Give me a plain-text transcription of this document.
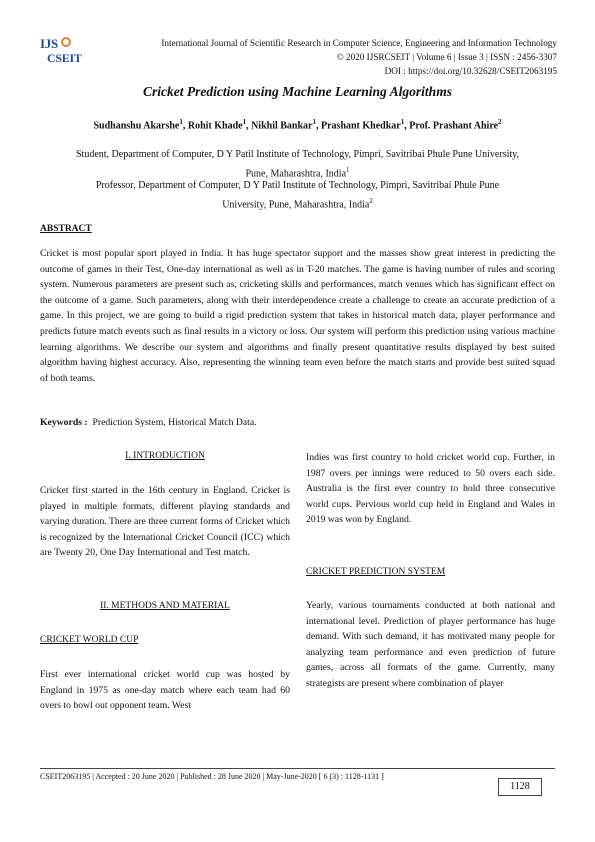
IJS
CSEIT
International Journal of Scientific Research in Computer Science, Engineering and Information Technology
© 2020 IJSRCSEIT | Volume 6 | Issue 3 | ISSN : 2456-3307
DOI : https://doi.org/10.32628/CSEIT2063195
Cricket Prediction using Machine Learning Algorithms
Sudhanshu Akarshe$^1$, Rohit Khade$^1$, Nikhil Bankar$^1$, Prashant Khedkar$^1$, Prof. Prashant Ahire$^2$
Student, Department of Computer, D Y Patil Institute of Technology, Pimpri, Savitribai Phule Pune University,
Pune, Maharashtra, India$^1$
Professor, Department of Computer, D Y Patil Institute of Technology, Pimpri, Savitribai Phule Pune
University, Pune, Maharashtra, India$^2$
ABSTRACT
Cricket is most popular sport played in India. It has huge spectator support and the masses show great interest in predicting the outcome of games in their Test, One-day international as well as in T-20 matches. The game is having number of rules and scoring system. Numerous parameters are present such as, cricketing skills and performances, match venues which has significant effect on the outcome of a game. Such parameters, along with their interdependence create a challenge to create an accurate prediction of a game. In this project, we are going to build a rigid prediction system that takes in historical match data, player performance and predicts future match events such as final results in a victory or loss. Our system will perform this prediction using various machine learning algorithms. We describe our system and algorithms and finally present quantitative results displayed by best suited algorithm having highest accuracy. Also, representing the winning team even before the match starts and provide best suited squad of both teams.
Keywords : Prediction System, Historical Match Data.
I. INTRODUCTION
Cricket first started in the 16th century in England. Cricket is played in multiple formats, different playing standards and varying duration. There are three current forms of Cricket which is recognized by the International Cricket Council (ICC) which are Twenty 20, One Day International and Test match.
II. METHODS AND MATERIAL
CRICKET WORLD CUP
First ever international cricket world cup was hosted by England in 1975 as one-day match where each team had 60 overs to bowl out opponent team. West
Indies was first country to hold cricket world cup. Further, in 1987 overs per innings were reduced to 50 overs each side. Australia is the first ever country to hold three consecutive world cups. Pervious world cup held in England and Wales in 2019 was won by England.
CRICKET PREDICTION SYSTEM
Yearly, various tournaments conducted at both national and international level. Prediction of player performance has huge demand. With such demand, it has motivated many people for analyzing team performance and even prediction of future games, across all formats of the game. Currently, many strategists are present where combination of player
CSEIT2063195 | Accepted : 20 June 2020 | Published : 28 June 2020 | May-June-2020 [ 6 (3) : 1128-1131 ]
1128
